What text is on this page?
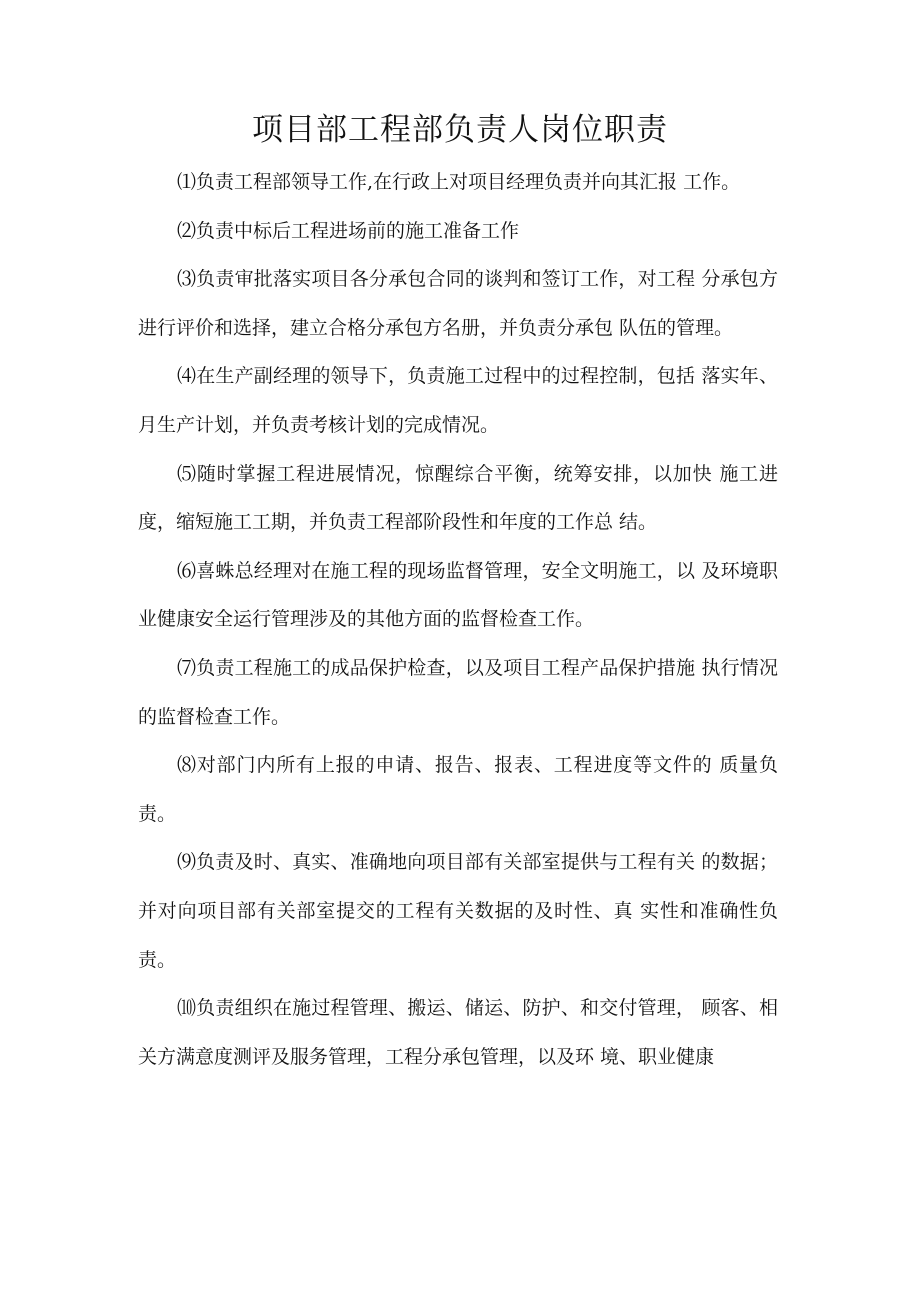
项目部工程部负责人岗位职责

⑴负责工程部领导工作,在行政上对项目经理负责并向其汇报 工作。

⑵负责中标后工程进场前的施工准备工作

⑶负责审批落实项目各分承包合同的谈判和签订工作，对工程 分承包方进行评价和选择，建立合格分承包方名册，并负责分承包 队伍的管理。

⑷在生产副经理的领导下，负责施工过程中的过程控制，包括 落实年、月生产计划，并负责考核计划的完成情况。

⑸随时掌握工程进展情况，惊醒综合平衡，统筹安排，以加快 施工进度，缩短施工工期，并负责工程部阶段性和年度的工作总 结。

⑹喜蛛总经理对在施工程的现场监督管理，安全文明施工，以 及环境职业健康安全运行管理涉及的其他方面的监督检查工作。

⑺负责工程施工的成品保护检查，以及项目工程产品保护措施 执行情况的监督检查工作。

⑻对部门内所有上报的申请、报告、报表、工程进度等文件的 质量负责。

⑼负责及时、真实、准确地向项目部有关部室提供与工程有关 的数据；并对向项目部有关部室提交的工程有关数据的及时性、真 实性和准确性负责。

⑽负责组织在施过程管理、搬运、储运、防护、和交付管理， 顾客、相关方满意度测评及服务管理，工程分承包管理，以及环 境、职业健康
